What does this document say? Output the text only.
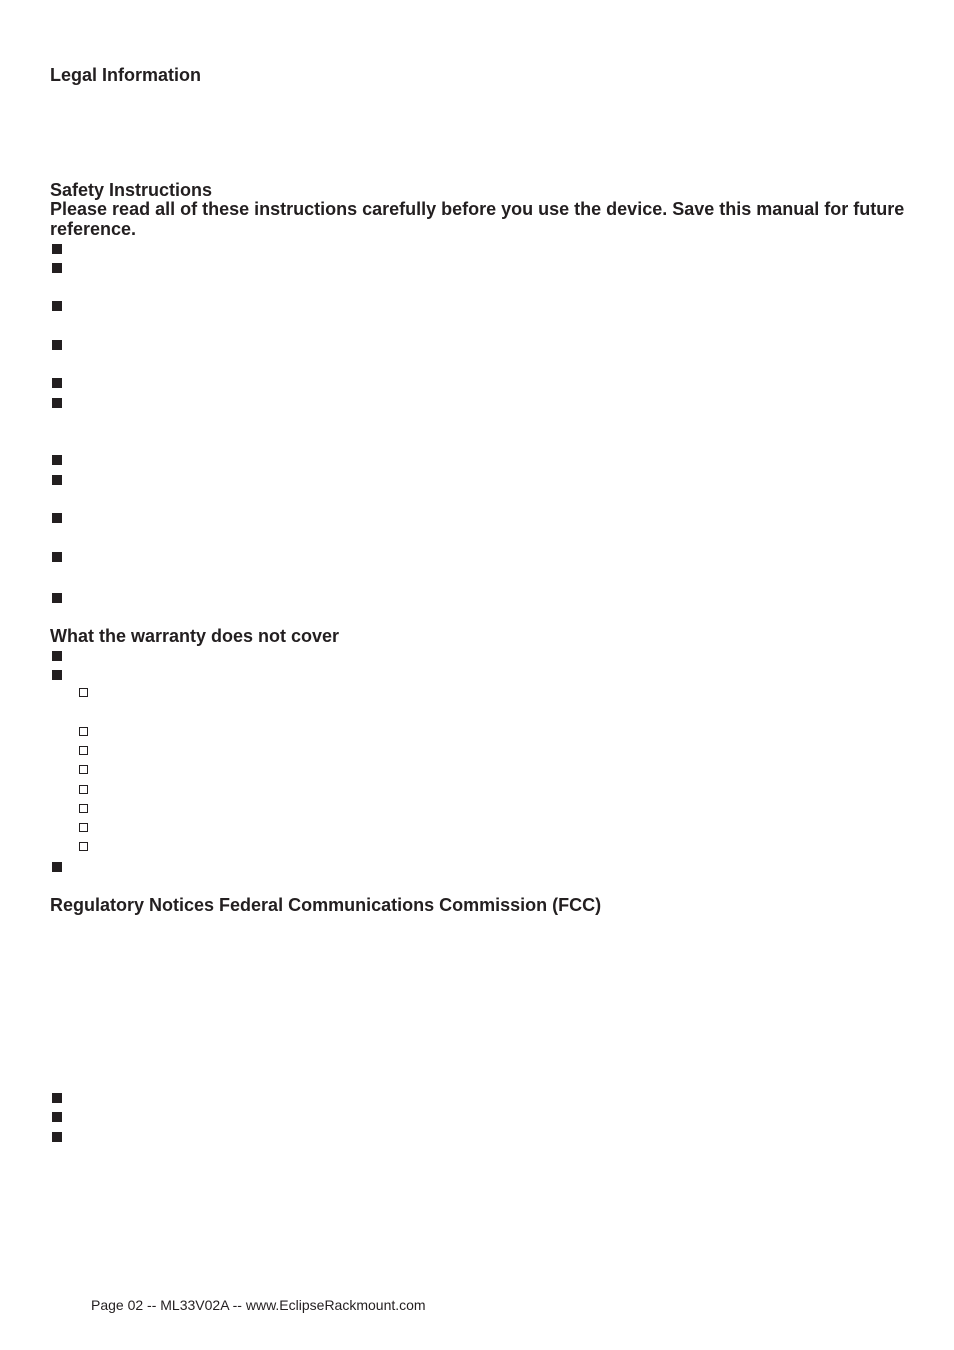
Legal Information
Safety Instructions

Please read all of these instructions carefully before you use the device. Save this manual for future reference.

What the warranty does not cover
Regulatory Notices Federal Communications Commission (FCC)

Page 02 -- ML33V02A -- www.EclipseRackmount.com
